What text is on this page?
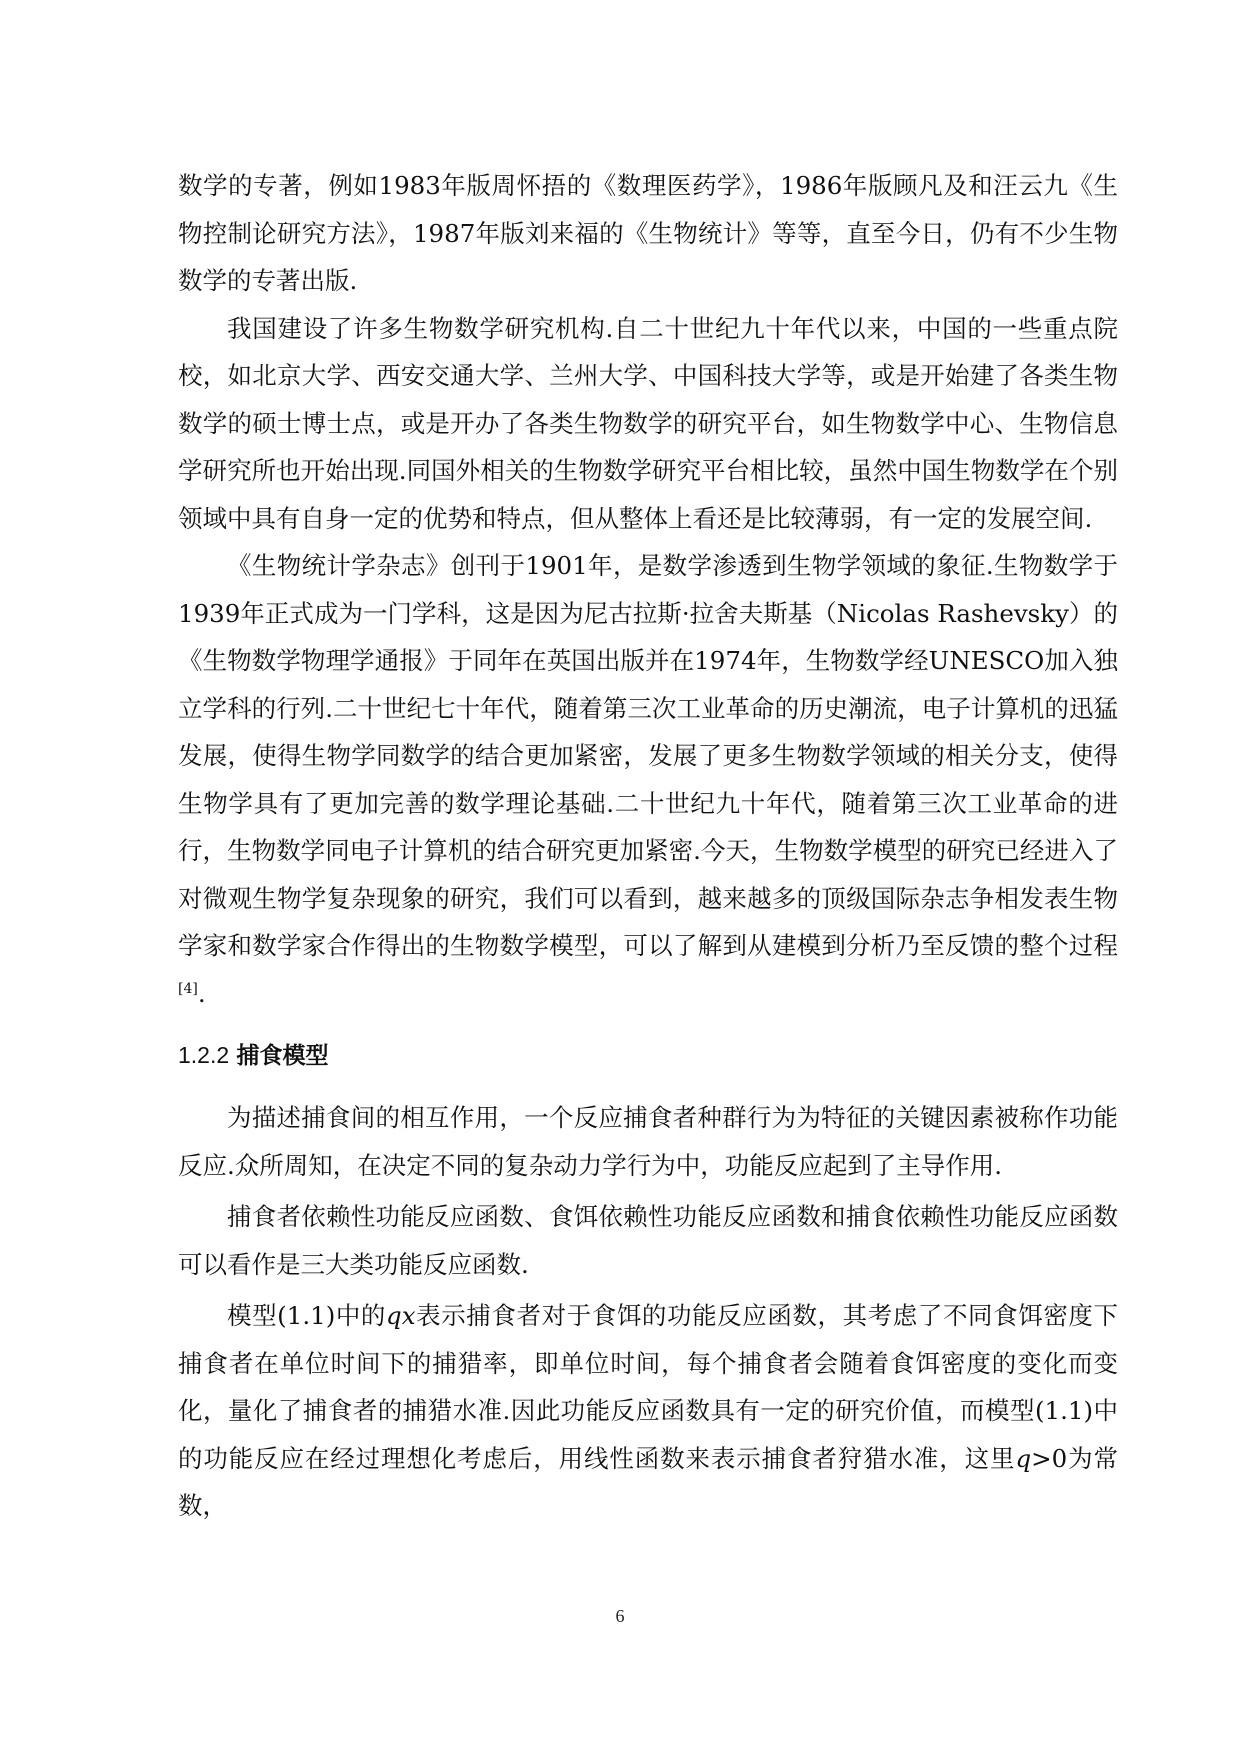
数学的专著，例如1983年版周怀捂的《数理医药学》，1986年版顾凡及和汪云九《生物控制论研究方法》，1987年版刘来福的《生物统计》等等，直至今日，仍有不少生物数学的专著出版.

我国建设了许多生物数学研究机构.自二十世纪九十年代以来，中国的一些重点院校，如北京大学、西安交通大学、兰州大学、中国科技大学等，或是开始建了各类生物数学的硕士博士点，或是开办了各类生物数学的研究平台，如生物数学中心、生物信息学研究所也开始出现.同国外相关的生物数学研究平台相比较，虽然中国生物数学在个别领域中具有自身一定的优势和特点，但从整体上看还是比较薄弱，有一定的发展空间.

《生物统计学杂志》创刊于1901年，是数学渗透到生物学领域的象征.生物数学于1939年正式成为一门学科，这是因为尼古拉斯·拉舍夫斯基（Nicolas Rashevsky）的《生物数学物理学通报》于同年在英国出版并在1974年，生物数学经UNESCO加入独立学科的行列.二十世纪七十年代，随着第三次工业革命的历史潮流，电子计算机的迅猛发展，使得生物学同数学的结合更加紧密，发展了更多生物数学领域的相关分支，使得生物学具有了更加完善的数学理论基础.二十世纪九十年代，随着第三次工业革命的进行，生物数学同电子计算机的结合研究更加紧密.今天，生物数学模型的研究已经进入了对微观生物学复杂现象的研究，我们可以看到，越来越多的顶级国际杂志争相发表生物学家和数学家合作得出的生物数学模型，可以了解到从建模到分析乃至反馈的整个过程[4].

1.2.2 捕食模型

为描述捕食间的相互作用，一个反应捕食者种群行为为特征的关键因素被称作功能反应.众所周知，在决定不同的复杂动力学行为中，功能反应起到了主导作用.

捕食者依赖性功能反应函数、食饵依赖性功能反应函数和捕食依赖性功能反应函数可以看作是三大类功能反应函数.

模型(1.1)中的qx表示捕食者对于食饵的功能反应函数，其考虑了不同食饵密度下捕食者在单位时间下的捕猎率，即单位时间，每个捕食者会随着食饵密度的变化而变化，量化了捕食者的捕猎水准.因此功能反应函数具有一定的研究价值，而模型(1.1)中的功能反应在经过理想化考虑后，用线性函数来表示捕食者狩猎水准，这里q>0为常数，

6
